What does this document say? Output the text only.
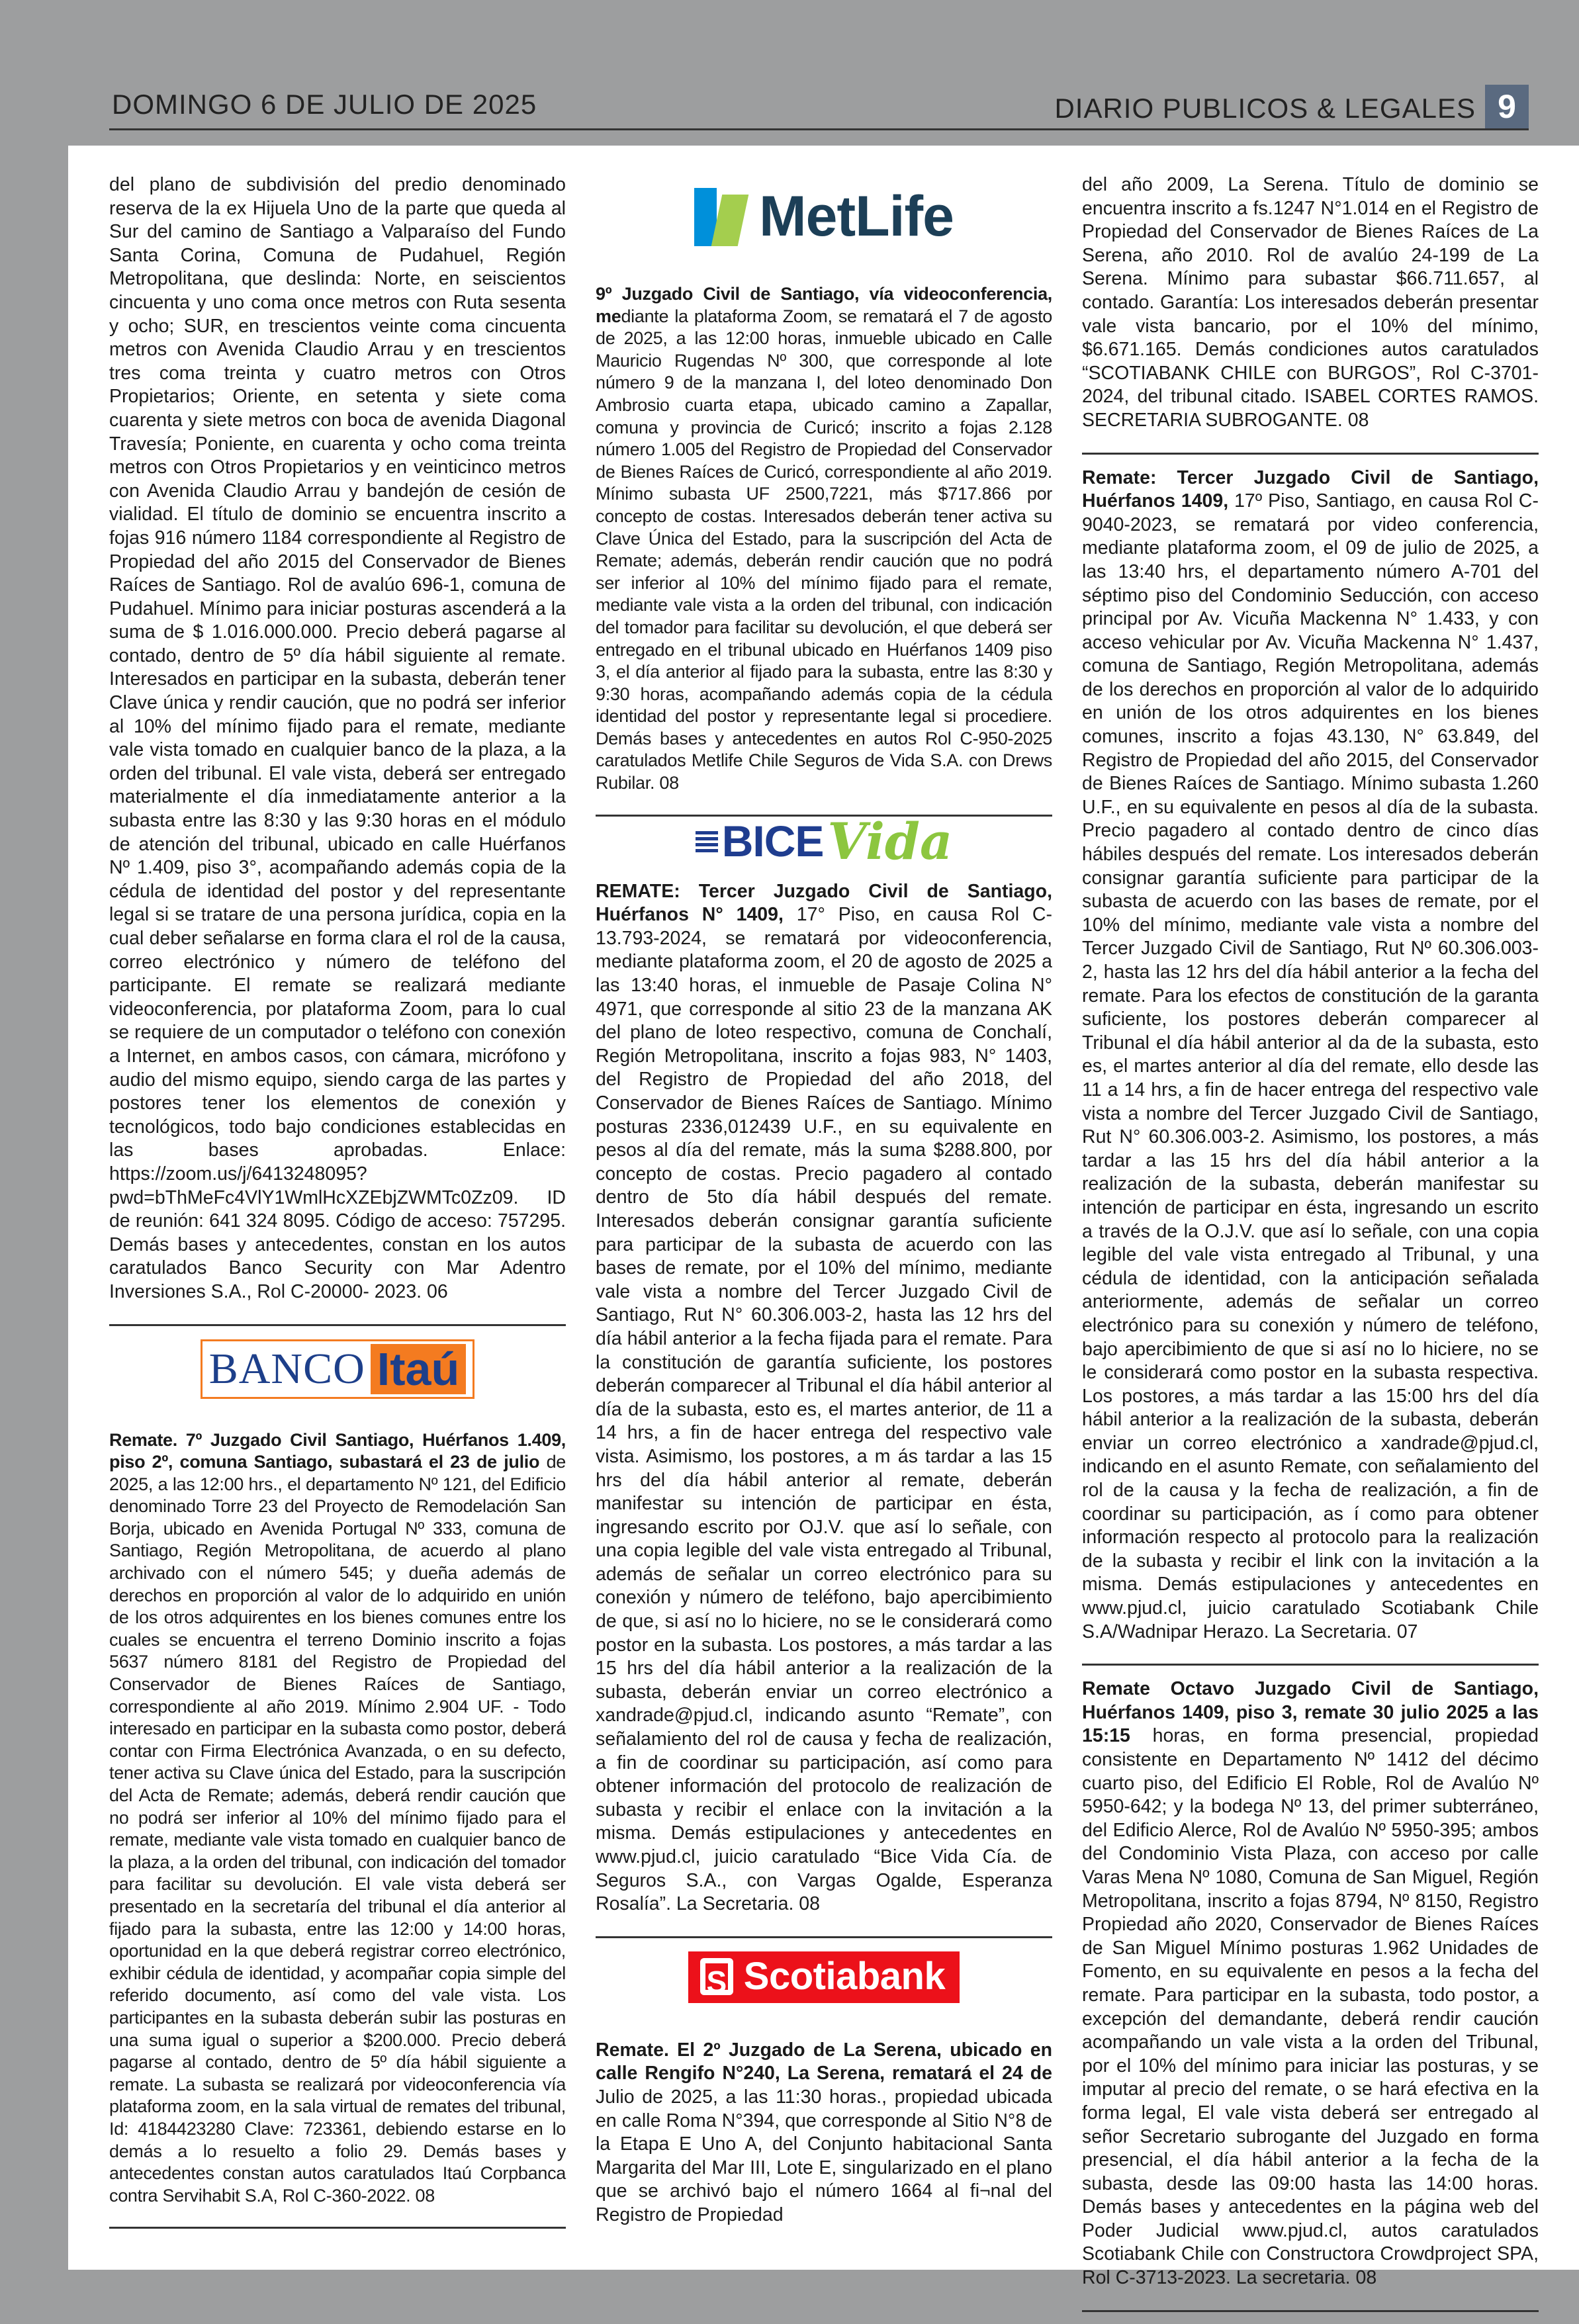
DOMINGO 6 DE JULIO DE 2025	DIARIO PUBLICOS & LEGALES 9

del plano de subdivisión del predio denominado reserva de la ex Hijuela Uno de la parte que queda al Sur del camino de Santiago a Valparaíso del Fundo Santa Corina, Comuna de Pudahuel, Región Metropolitana, que deslinda: Norte, en seiscientos cincuenta y uno coma once metros con Ruta sesenta y ocho; SUR, en trescientos veinte coma cincuenta metros con Avenida Claudio Arrau y en trescientos tres coma treinta y cuatro metros con Otros Propietarios; Oriente, en setenta y siete coma cuarenta y siete metros con boca de avenida Diagonal Travesía; Poniente, en cuarenta y ocho coma treinta metros con Otros Propietarios y en veinticinco metros con Avenida Claudio Arrau y bandejón de cesión de vialidad. El título de dominio se encuentra inscrito a fojas 916 número 1184 correspondiente al Registro de Propiedad del año 2015 del Conservador de Bienes Raíces de Santiago. Rol de avalúo 696-1, comuna de Pudahuel. Mínimo para iniciar posturas ascenderá a la suma de $ 1.016.000.000. Precio deberá pagarse al contado, dentro de 5º día hábil siguiente al remate. Interesados en participar en la subasta, deberán tener Clave única y rendir caución, que no podrá ser inferior al 10% del mínimo fijado para el remate, mediante vale vista tomado en cualquier banco de la plaza, a la orden del tribunal. El vale vista, deberá ser entregado materialmente el día inmediatamente anterior a la subasta entre las 8:30 y las 9:30 horas en el módulo de atención del tribunal, ubicado en calle Huérfanos Nº 1.409, piso 3°, acompañando además copia de la cédula de identidad del postor y del representante legal si se tratare de una persona jurídica, copia en la cual deber señalarse en forma clara el rol de la causa, correo electrónico y número de teléfono del participante. El remate se realizará mediante videoconferencia, por plataforma Zoom, para lo cual se requiere de un computador o teléfono con conexión a Internet, en ambos casos, con cámara, micrófono y audio del mismo equipo, siendo carga de las partes y postores tener los elementos de conexión y tecnológicos, todo bajo condiciones establecidas en las bases aprobadas. Enlace: https://zoom.us/j/6413248095?pwd=bThMeFc4VlY1WmlHcXZEbjZWMTc0Zz09. ID de reunión: 641 324 8095. Código de acceso: 757295. Demás bases y antecedentes, constan en los autos caratulados Banco Security con Mar Adentro Inversiones S.A., Rol C-20000- 2023. 06

BANCO Itaú

Remate. 7º Juzgado Civil Santiago, Huérfanos 1.409, piso 2º, comuna Santiago, subastará el 23 de julio de 2025, a las 12:00 hrs., el departamento Nº 121, del Edificio denominado Torre 23 del Proyecto de Remodelación San Borja, ubicado en Avenida Portugal Nº 333, comuna de Santiago, Región Metropolitana, de acuerdo al plano archivado con el número 545; y dueña además de derechos en proporción al valor de lo adquirido en unión de los otros adquirentes en los bienes comunes entre los cuales se encuentra el terreno Dominio inscrito a fojas 5637 número 8181 del Registro de Propiedad del Conservador de Bienes Raíces de Santiago, correspondiente al año 2019. Mínimo 2.904 UF. - Todo interesado en participar en la subasta como postor, deberá contar con Firma Electrónica Avanzada, o en su defecto, tener activa su Clave única del Estado, para la suscripción del Acta de Remate; además, deberá rendir caución que no podrá ser inferior al 10% del mínimo fijado para el remate, mediante vale vista tomado en cualquier banco de la plaza, a la orden del tribunal, con indicación del tomador para facilitar su devolución. El vale vista deberá ser presentado en la secretaría del tribunal el día anterior al fijado para la subasta, entre las 12:00 y 14:00 horas, oportunidad en la que deberá registrar correo electrónico, exhibir cédula de identidad, y acompañar copia simple del referido documento, así como del vale vista. Los participantes en la subasta deberán subir las posturas en una suma igual o superior a $200.000. Precio deberá pagarse al contado, dentro de 5º día hábil siguiente a remate. La subasta se realizará por videoconferencia vía plataforma zoom, en la sala virtual de remates del tribunal, Id: 4184423280 Clave: 723361, debiendo estarse en lo demás a lo resuelto a folio 29. Demás bases y antecedentes constan autos caratulados Itaú Corpbanca contra Servihabit S.A, Rol C-360-2022. 08

MetLife

9º Juzgado Civil de Santiago, vía videoconferencia, mediante la plataforma Zoom, se rematará el 7 de agosto de 2025, a las 12:00 horas, inmueble ubicado en Calle Mauricio Rugendas Nº 300, que corresponde al lote número 9 de la manzana I, del loteo denominado Don Ambrosio cuarta etapa, ubicado camino a Zapallar, comuna y provincia de Curicó; inscrito a fojas 2.128 número 1.005 del Registro de Propiedad del Conservador de Bienes Raíces de Curicó, correspondiente al año 2019. Mínimo subasta UF 2500,7221, más $717.866 por concepto de costas. Interesados deberán tener activa su Clave Única del Estado, para la suscripción del Acta de Remate; además, deberán rendir caución que no podrá ser inferior al 10% del mínimo fijado para el remate, mediante vale vista a la orden del tribunal, con indicación del tomador para facilitar su devolución, el que deberá ser entregado en el tribunal ubicado en Huérfanos 1409 piso 3, el día anterior al fijado para la subasta, entre las 8:30 y 9:30 horas, acompañando además copia de la cédula identidad del postor y representante legal si procediere. Demás bases y antecedentes en autos Rol C-950-2025 caratulados Metlife Chile Seguros de Vida S.A. con Drews Rubilar. 08

BICE Vida

REMATE: Tercer Juzgado Civil de Santiago, Huérfanos N° 1409, 17° Piso, en causa Rol C-13.793-2024, se rematará por videoconferencia, mediante plataforma zoom, el 20 de agosto de 2025 a las 13:40 horas, el inmueble de Pasaje Colina N° 4971, que corresponde al sitio 23 de la manzana AK del plano de loteo respectivo, comuna de Conchalí, Región Metropolitana, inscrito a fojas 983, N° 1403, del Registro de Propiedad del año 2018, del Conservador de Bienes Raíces de Santiago. Mínimo posturas 2336,012439 U.F., en su equivalente en pesos al día del remate, más la suma $288.800, por concepto de costas. Precio pagadero al contado dentro de 5to día hábil después del remate. Interesados deberán consignar garantía suficiente para participar de la subasta de acuerdo con las bases de remate, por el 10% del mínimo, mediante vale vista a nombre del Tercer Juzgado Civil de Santiago, Rut N° 60.306.003-2, hasta las 12 hrs del día hábil anterior a la fecha fijada para el remate. Para la constitución de garantía suficiente, los postores deberán comparecer al Tribunal el día hábil anterior al día de la subasta, esto es, el martes anterior, de 11 a 14 hrs, a fin de hacer entrega del respectivo vale vista. Asimismo, los postores, a m ás tardar a las 15 hrs del día hábil anterior al remate, deberán manifestar su intención de participar en ésta, ingresando escrito por OJ.V. que así lo señale, con una copia legible del vale vista entregado al Tribunal, además de señalar un correo electrónico para su conexión y número de teléfono, bajo apercibimiento de que, si así no lo hiciere, no se le considerará como postor en la subasta. Los postores, a más tardar a las 15 hrs del día hábil anterior a la realización de la subasta, deberán enviar un correo electrónico a xandrade@pjud.cl, indicando asunto “Remate”, con señalamiento del rol de causa y fecha de realización, a fin de coordinar su participación, así como para obtener información del protocolo de realización de subasta y recibir el enlace con la invitación a la misma. Demás estipulaciones y antecedentes en www.pjud.cl, juicio caratulado “Bice Vida Cía. de Seguros S.A., con Vargas Ogalde, Esperanza Rosalía”. La Secretaria. 08

S Scotiabank

Remate. El 2º Juzgado de La Serena, ubicado en calle Rengifo N°240, La Serena, rematará el 24 de Julio de 2025, a las 11:30 horas., propiedad ubicada en calle Roma N°394, que corresponde al Sitio N°8 de la Etapa E Uno A, del Conjunto habitacional Santa Margarita del Mar III, Lote E, singularizado en el plano que se archivó bajo el número 1664 al fi¬nal del Registro de Propiedad

del año 2009, La Serena. Título de dominio se encuentra inscrito a fs.1247 N°1.014 en el Registro de Propiedad del Conservador de Bienes Raíces de La Serena, año 2010. Rol de avalúo 24-199 de La Serena. Mínimo para subastar $66.711.657, al contado. Garantía: Los interesados deberán presentar vale vista bancario, por el 10% del mínimo, $6.671.165. Demás condiciones autos caratulados “SCOTIABANK CHILE con BURGOS”, Rol C-3701-2024, del tribunal citado. ISABEL CORTES RAMOS. SECRETARIA SUBROGANTE. 08

Remate: Tercer Juzgado Civil de Santiago, Huérfanos 1409, 17º Piso, Santiago, en causa Rol C-9040-2023, se rematará por video conferencia, mediante plataforma zoom, el 09 de julio de 2025, a las 13:40 hrs, el departamento número A-701 del séptimo piso del Condominio Seducción, con acceso principal por Av. Vicuña Mackenna N° 1.433, y con acceso vehicular por Av. Vicuña Mackenna N° 1.437, comuna de Santiago, Región Metropolitana, además de los derechos en proporción al valor de lo adquirido en unión de los otros adquirentes en los bienes comunes, inscrito a fojas 43.130, N° 63.849, del Registro de Propiedad del año 2015, del Conservador de Bienes Raíces de Santiago. Mínimo subasta 1.260 U.F., en su equivalente en pesos al día de la subasta. Precio pagadero al contado dentro de cinco días hábiles después del remate. Los interesados deberán consignar garantía suficiente para participar de la subasta de acuerdo con las bases de remate, por el 10% del mínimo, mediante vale vista a nombre del Tercer Juzgado Civil de Santiago, Rut Nº 60.306.003-2, hasta las 12 hrs del día hábil anterior a la fecha del remate. Para los efectos de constitución de la garanta suficiente, los postores deberán comparecer al Tribunal el día hábil anterior al da de la subasta, esto es, el martes anterior al día del remate, ello desde las 11 a 14 hrs, a fin de hacer entrega del respectivo vale vista a nombre del Tercer Juzgado Civil de Santiago, Rut N° 60.306.003-2. Asimismo, los postores, a más tardar a las 15 hrs del día hábil anterior a la realización de la subasta, deberán manifestar su intención de participar en ésta, ingresando un escrito a través de la O.J.V. que así lo señale, con una copia legible del vale vista entregado al Tribunal, y una cédula de identidad, con la anticipación señalada anteriormente, además de señalar un correo electrónico para su conexión y número de teléfono, bajo apercibimiento de que si así no lo hiciere, no se le considerará como postor en la subasta respectiva. Los postores, a más tardar a las 15:00 hrs del día hábil anterior a la realización de la subasta, deberán enviar un correo electrónico a xandrade@pjud.cl, indicando en el asunto Remate, con señalamiento del rol de la causa y la fecha de realización, a fin de coordinar su participación, as í como para obtener información respecto al protocolo para la realización de la subasta y recibir el link con la invitación a la misma. Demás estipulaciones y antecedentes en www.pjud.cl, juicio caratulado Scotiabank Chile S.A/Wadnipar Herazo. La Secretaria. 07

Remate Octavo Juzgado Civil de Santiago, Huérfanos 1409, piso 3, remate 30 julio 2025 a las 15:15 horas, en forma presencial, propiedad consistente en Departamento Nº 1412 del décimo cuarto piso, del Edificio El Roble, Rol de Avalúo Nº 5950-642; y la bodega Nº 13, del primer subterráneo, del Edificio Alerce, Rol de Avalúo Nº 5950-395; ambos del Condominio Vista Plaza, con acceso por calle Varas Mena Nº 1080, Comuna de San Miguel, Región Metropolitana, inscrito a fojas 8794, Nº 8150, Registro Propiedad año 2020, Conservador de Bienes Raíces de San Miguel Mínimo posturas 1.962 Unidades de Fomento, en su equivalente en pesos a la fecha del remate. Para participar en la subasta, todo postor, a excepción del demandante, deberá rendir caución acompañando un vale vista a la orden del Tribunal, por el 10% del mínimo para iniciar las posturas, y se imputar al precio del remate, o se hará efectiva en la forma legal, El vale vista deberá ser entregado al señor Secretario subrogante del Juzgado en forma presencial, el día hábil anterior a la fecha de la subasta, desde las 09:00 hasta las 14:00 horas. Demás bases y antecedentes en la página web del Poder Judicial www.pjud.cl, autos caratulados Scotiabank Chile con Constructora Crowdproject SPA, Rol C-3713-2023. La secretaria. 08
